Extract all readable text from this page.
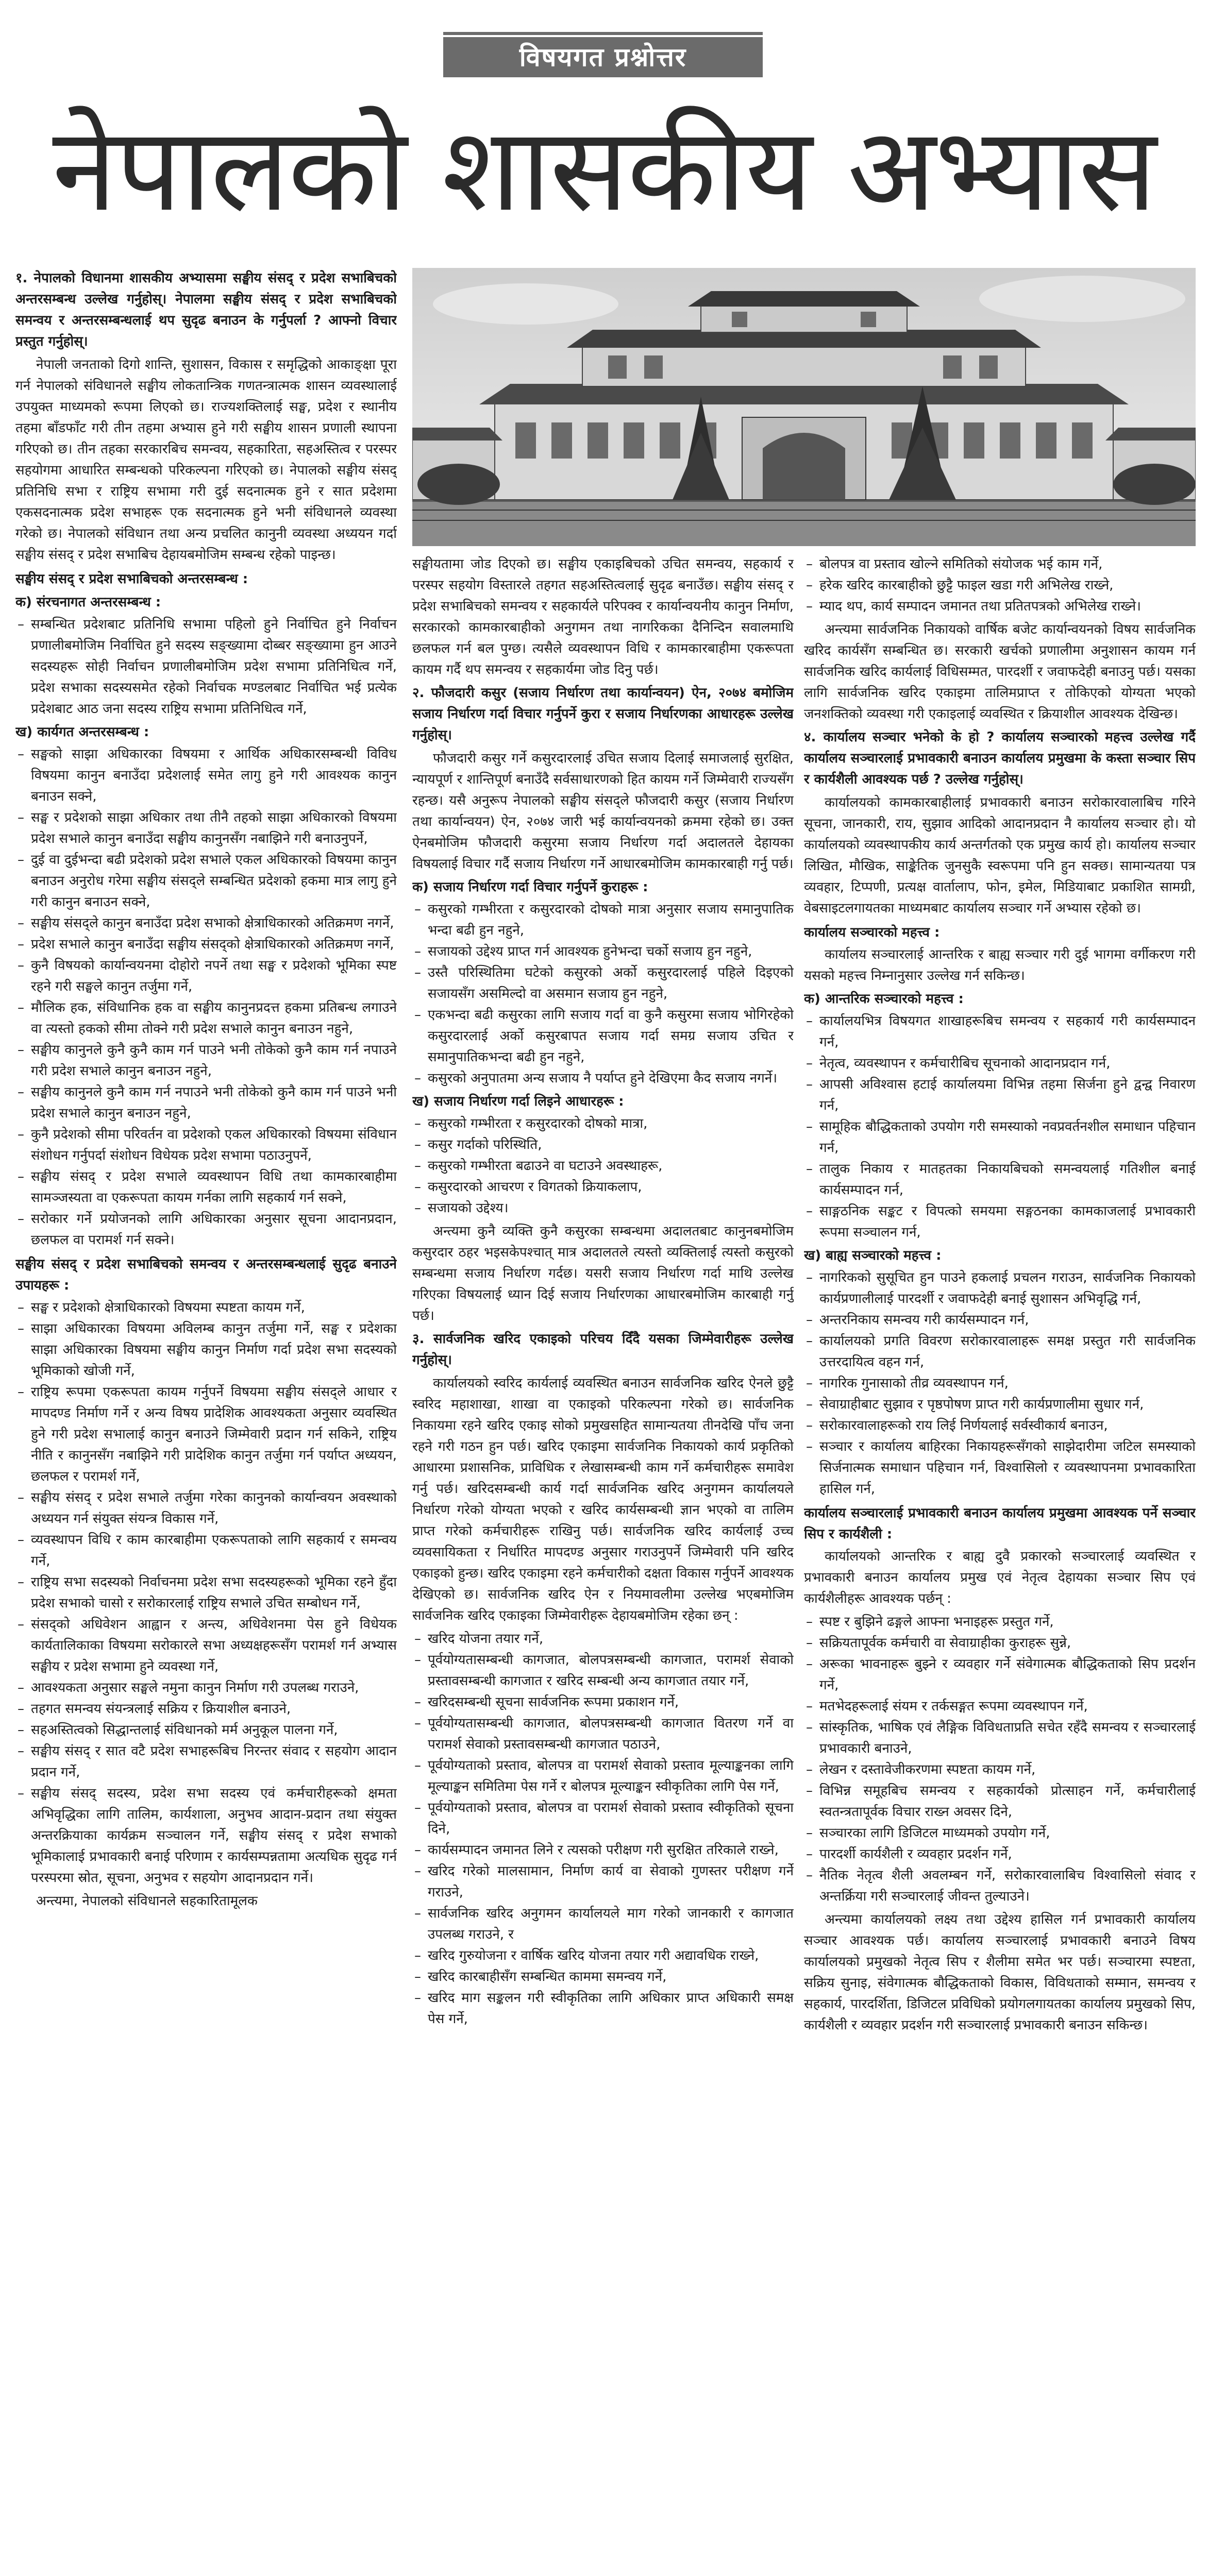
विषयगत प्रश्नोत्तर
नेपालको शासकीय अभ्यास

१. नेपालको विधानमा शासकीय अभ्यासमा सङ्घीय संसद् र प्रदेश सभाबिचको अन्तरसम्बन्ध उल्लेख गर्नुहोस्। नेपालमा सङ्घीय संसद् र प्रदेश सभाबिचको समन्वय र अन्तरसम्बन्धलाई थप सुदृढ बनाउन के गर्नुपर्ला ? आफ्नो विचार प्रस्तुत गर्नुहोस्।

नेपाली जनताको दिगो शान्ति, सुशासन, विकास र समृद्धिको आकाङ्क्षा पूरा गर्न नेपालको संविधानले सङ्घीय लोकतान्त्रिक गणतन्त्रात्मक शासन व्यवस्थालाई उपयुक्त माध्यमको रूपमा लिएको छ। राज्यशक्तिलाई सङ्घ, प्रदेश र स्थानीय तहमा बाँडफाँट गरी तीन तहमा अभ्यास हुने गरी सङ्घीय शासन प्रणाली स्थापना गरिएको छ। तीन तहका सरकारबिच समन्वय, सहकारिता, सहअस्तित्व र परस्पर सहयोगमा आधारित सम्बन्धको परिकल्पना गरिएको छ। नेपालको सङ्घीय संसद् प्रतिनिधि सभा र राष्ट्रिय सभामा गरी दुई सदनात्मक हुने र सात प्रदेशमा एकसदनात्मक प्रदेश सभाहरू एक सदनात्मक हुने भनी संविधानले व्यवस्था गरेको छ। नेपालको संविधान तथा अन्य प्रचलित कानुनी व्यवस्था अध्ययन गर्दा सङ्घीय संसद् र प्रदेश सभाबिच देहायबमोजिम सम्बन्ध रहेको पाइन्छ।

सङ्घीय संसद् र प्रदेश सभाबिचको अन्तरसम्बन्ध :

क) संरचनागत अन्तरसम्बन्ध :

– सम्बन्धित प्रदेशबाट प्रतिनिधि सभामा पहिलो हुने निर्वाचित हुने निर्वाचन प्रणालीबमोजिम निर्वाचित हुने सदस्य सङ्ख्यामा दोब्बर सङ्ख्यामा हुन आउने सदस्यहरू सोही निर्वाचन प्रणालीबमोजिम प्रदेश सभामा प्रतिनिधित्व गर्ने, प्रदेश सभाका सदस्यसमेत रहेको निर्वाचक मण्डलबाट निर्वाचित भई प्रत्येक प्रदेशबाट आठ जना सदस्य राष्ट्रिय सभामा प्रतिनिधित्व गर्ने,

ख) कार्यगत अन्तरसम्बन्ध :

– सङ्घको साझा अधिकारका विषयमा र आर्थिक अधिकारसम्बन्धी विविध विषयमा कानुन बनाउँदा प्रदेशलाई समेत लागु हुने गरी आवश्यक कानुन बनाउन सक्ने,
– सङ्घ र प्रदेशको साझा अधिकार तथा तीनै तहको साझा अधिकारको विषयमा प्रदेश सभाले कानुन बनाउँदा सङ्घीय कानुनसँग नबाझिने गरी बनाउनुपर्ने,
– दुई वा दुईभन्दा बढी प्रदेशको प्रदेश सभाले एकल अधिकारको विषयमा कानुन बनाउन अनुरोध गरेमा सङ्घीय संसद्ले सम्बन्धित प्रदेशको हकमा मात्र लागु हुने गरी कानुन बनाउन सक्ने,
– सङ्घीय संसद्ले कानुन बनाउँदा प्रदेश सभाको क्षेत्राधिकारको अतिक्रमण नगर्ने,
– प्रदेश सभाले कानुन बनाउँदा सङ्घीय संसद्को क्षेत्राधिकारको अतिक्रमण नगर्ने,
– कुनै विषयको कार्यान्वयनमा दोहोरो नपर्ने तथा सङ्घ र प्रदेशको भूमिका स्पष्ट रहने गरी सङ्घले कानुन तर्जुमा गर्ने,
– मौलिक हक, संविधानिक हक वा सङ्घीय कानुनप्रदत्त हकमा प्रतिबन्ध लगाउने वा त्यस्तो हकको सीमा तोक्ने गरी प्रदेश सभाले कानुन बनाउन नहुने,
– सङ्घीय कानुनले कुनै कुनै काम गर्न पाउने भनी तोकेको कुनै काम गर्न नपाउने गरी प्रदेश सभाले कानुन बनाउन नहुने,
– सङ्घीय कानुनले कुनै काम गर्न नपाउने भनी तोकेको कुनै काम गर्न पाउने भनी प्रदेश सभाले कानुन बनाउन नहुने,
– कुनै प्रदेशको सीमा परिवर्तन वा प्रदेशको एकल अधिकारको विषयमा संविधान संशोधन गर्नुपर्दा संशोधन विधेयक प्रदेश सभामा पठाउनुपर्ने,
– सङ्घीय संसद् र प्रदेश सभाले व्यवस्थापन विधि तथा कामकारबाहीमा सामञ्जस्यता वा एकरूपता कायम गर्नका लागि सहकार्य गर्न सक्ने,
– सरोकार गर्ने प्रयोजनको लागि अधिकारका अनुसार सूचना आदानप्रदान, छलफल वा परामर्श गर्न सक्ने।

सङ्घीय संसद् र प्रदेश सभाबिचको समन्वय र अन्तरसम्बन्धलाई सुदृढ बनाउने उपायहरू :

– सङ्घ र प्रदेशको क्षेत्राधिकारको विषयमा स्पष्टता कायम गर्ने,
– साझा अधिकारका विषयमा अविलम्ब कानुन तर्जुमा गर्ने, सङ्घ र प्रदेशका साझा अधिकारका विषयमा सङ्घीय कानुन निर्माण गर्दा प्रदेश सभा सदस्यको भूमिकाको खोजी गर्ने,
– राष्ट्रिय रूपमा एकरूपता कायम गर्नुपर्ने विषयमा सङ्घीय संसद्ले आधार र मापदण्ड निर्माण गर्ने र अन्य विषय प्रादेशिक आवश्यकता अनुसार व्यवस्थित हुने गरी प्रदेश सभालाई कानुन बनाउने जिम्मेवारी प्रदान गर्न सकिने, राष्ट्रिय नीति र कानुनसँग नबाझिने गरी प्रादेशिक कानुन तर्जुमा गर्न पर्याप्त अध्ययन, छलफल र परामर्श गर्ने,
– सङ्घीय संसद् र प्रदेश सभाले तर्जुमा गरेका कानुनको कार्यान्वयन अवस्थाको अध्ययन गर्न संयुक्त संयन्त्र विकास गर्ने,
– व्यवस्थापन विधि र काम कारबाहीमा एकरूपताको लागि सहकार्य र समन्वय गर्ने,
– राष्ट्रिय सभा सदस्यको निर्वाचनमा प्रदेश सभा सदस्यहरूको भूमिका रहने हुँदा प्रदेश सभाको चासो र सरोकारलाई राष्ट्रिय सभाले उचित सम्बोधन गर्ने,
– संसद्को अधिवेशन आह्वान र अन्त्य, अधिवेशनमा पेस हुने विधेयक कार्यतालिकाका विषयमा सरोकारले सभा अध्यक्षहरूसँग परामर्श गर्न अभ्यास सङ्घीय र प्रदेश सभामा हुने व्यवस्था गर्ने,
– आवश्यकता अनुसार सङ्घले नमुना कानुन निर्माण गरी उपलब्ध गराउने,
– तहगत समन्वय संयन्त्रलाई सक्रिय र क्रियाशील बनाउने,
– सहअस्तित्वको सिद्धान्तलाई संविधानको मर्म अनुकूल पालना गर्ने,
– सङ्घीय संसद् र सात वटै प्रदेश सभाहरूबिच निरन्तर संवाद र सहयोग आदान प्रदान गर्ने,
– सङ्घीय संसद् सदस्य, प्रदेश सभा सदस्य एवं कर्मचारीहरूको क्षमता अभिवृद्धिका लागि तालिम, कार्यशाला, अनुभव आदान-प्रदान तथा संयुक्त अन्तरक्रियाका कार्यक्रम सञ्चालन गर्ने, सङ्घीय संसद् र प्रदेश सभाको भूमिकालाई प्रभावकारी बनाई परिणाम र कार्यसम्पन्नतामा अत्यधिक सुदृढ गर्न परस्परमा स्रोत, सूचना, अनुभव र सहयोग आदानप्रदान गर्ने।

अन्त्यमा, नेपालको संविधानले सहकारितामूलक

सङ्घीयतामा जोड दिएको छ। सङ्घीय एकाइबिचको उचित समन्वय, सहकार्य र परस्पर सहयोग विस्तारले तहगत सहअस्तित्वलाई सुदृढ बनाउँछ। सङ्घीय संसद् र प्रदेश सभाबिचको समन्वय र सहकार्यले परिपक्व र कार्यान्वयनीय कानुन निर्माण, सरकारको कामकारबाहीको अनुगमन तथा नागरिकका दैनिन्दिन सवालमाथि छलफल गर्न बल पुग्छ। त्यसैले व्यवस्थापन विधि र कामकारबाहीमा एकरूपता कायम गर्दै थप समन्वय र सहकार्यमा जोड दिनु पर्छ।

२. फौजदारी कसुर (सजाय निर्धारण तथा कार्यान्वयन) ऐन, २०७४ बमोजिम सजाय निर्धारण गर्दा विचार गर्नुपर्ने कुरा र सजाय निर्धारणका आधारहरू उल्लेख गर्नुहोस्।

फौजदारी कसुर गर्ने कसुरदारलाई उचित सजाय दिलाई समाजलाई सुरक्षित, न्यायपूर्ण र शान्तिपूर्ण बनाउँदै सर्वसाधारणको हित कायम गर्ने जिम्मेवारी राज्यसँग रहन्छ। यसै अनुरूप नेपालको सङ्घीय संसद्ले फौजदारी कसुर (सजाय निर्धारण तथा कार्यान्वयन) ऐन, २०७४ जारी भई कार्यान्वयनको क्रममा रहेको छ। उक्त ऐनबमोजिम फौजदारी कसुरमा सजाय निर्धारण गर्दा अदालतले देहायका विषयलाई विचार गर्दै सजाय निर्धारण गर्ने आधारबमोजिम कामकारबाही गर्नु पर्छ।

क) सजाय निर्धारण गर्दा विचार गर्नुपर्ने कुराहरू :

– कसुरको गम्भीरता र कसुरदारको दोषको मात्रा अनुसार सजाय समानुपातिक भन्दा बढी हुन नहुने,
– सजायको उद्देश्य प्राप्त गर्न आवश्यक हुनेभन्दा चर्को सजाय हुन नहुने,
– उस्तै परिस्थितिमा घटेको कसुरको अर्को कसुरदारलाई पहिले दिइएको सजायसँग असमिल्दो वा असमान सजाय हुन नहुने,
– एकभन्दा बढी कसुरका लागि सजाय गर्दा वा कुनै कसुरमा सजाय भोगिरहेको कसुरदारलाई अर्को कसुरबापत सजाय गर्दा समग्र सजाय उचित र समानुपातिकभन्दा बढी हुन नहुने,
– कसुरको अनुपातमा अन्य सजाय नै पर्याप्त हुने देखिएमा कैद सजाय नगर्ने।

ख) सजाय निर्धारण गर्दा लिइने आधारहरू :

– कसुरको गम्भीरता र कसुरदारको दोषको मात्रा,
– कसुर गर्दाको परिस्थिति,
– कसुरको गम्भीरता बढाउने वा घटाउने अवस्थाहरू,
– कसुरदारको आचरण र विगतको क्रियाकलाप,
– सजायको उद्देश्य।

अन्त्यमा कुनै व्यक्ति कुनै कसुरका सम्बन्धमा अदालतबाट कानुनबमोजिम कसुरदार ठहर भइसकेपश्चात् मात्र अदालतले त्यस्तो व्यक्तिलाई त्यस्तो कसुरको सम्बन्धमा सजाय निर्धारण गर्दछ। यसरी सजाय निर्धारण गर्दा माथि उल्लेख गरिएका विषयलाई ध्यान दिई सजाय निर्धारणका आधारबमोजिम कारबाही गर्नु पर्छ।

३. सार्वजनिक खरिद एकाइको परिचय दिँदै यसका जिम्मेवारीहरू उल्लेख गर्नुहोस्।

कार्यालयको स्वरिद कार्यलाई व्यवस्थित बनाउन सार्वजनिक खरिद ऐनले छुट्टै स्वरिद महाशाखा, शाखा वा एकाइको परिकल्पना गरेको छ। सार्वजनिक निकायमा रहने खरिद एकाइ सोको प्रमुखसहित सामान्यतया तीनदेखि पाँच जना रहने गरी गठन हुन पर्छ। खरिद एकाइमा सार्वजनिक निकायको कार्य प्रकृतिको आधारमा प्रशासनिक, प्राविधिक र लेखासम्बन्धी काम गर्ने कर्मचारीहरू समावेश गर्नु पर्छ। खरिदसम्बन्धी कार्य गर्दा सार्वजनिक खरिद अनुगमन कार्यालयले निर्धारण गरेको योग्यता भएको र खरिद कार्यसम्बन्धी ज्ञान भएको वा तालिम प्राप्त गरेको कर्मचारीहरू राखिनु पर्छ। सार्वजनिक खरिद कार्यलाई उच्च व्यवसायिकता र निर्धारित मापदण्ड अनुसार गराउनुपर्ने जिम्मेवारी पनि खरिद एकाइको हुन्छ। खरिद एकाइमा रहने कर्मचारीको दक्षता विकास गर्नुपर्ने आवश्यक देखिएको छ। सार्वजनिक खरिद ऐन र नियमावलीमा उल्लेख भएबमोजिम सार्वजनिक खरिद एकाइका जिम्मेवारीहरू देहायबमोजिम रहेका छन् :

– खरिद योजना तयार गर्ने,
– पूर्वयोग्यतासम्बन्धी कागजात, बोलपत्रसम्बन्धी कागजात, परामर्श सेवाको प्रस्तावसम्बन्धी कागजात र खरिद सम्बन्धी अन्य कागजात तयार गर्ने,
– खरिदसम्बन्धी सूचना सार्वजनिक रूपमा प्रकाशन गर्ने,
– पूर्वयोग्यतासम्बन्धी कागजात, बोलपत्रसम्बन्धी कागजात वितरण गर्ने वा परामर्श सेवाको प्रस्तावसम्बन्धी कागजात पठाउने,
– पूर्वयोग्यताको प्रस्ताव, बोलपत्र वा परामर्श सेवाको प्रस्ताव मूल्याङ्कनका लागि मूल्याङ्कन समितिमा पेस गर्ने र बोलपत्र मूल्याङ्कन स्वीकृतिका लागि पेस गर्ने,
– पूर्वयोग्यताको प्रस्ताव, बोलपत्र वा परामर्श सेवाको प्रस्ताव स्वीकृतिको सूचना दिने,
– कार्यसम्पादन जमानत लिने र त्यसको परीक्षण गरी सुरक्षित तरिकाले राख्ने,
– खरिद गरेको मालसामान, निर्माण कार्य वा सेवाको गुणस्तर परीक्षण गर्ने गराउने,
– सार्वजनिक खरिद अनुगमन कार्यालयले माग गरेको जानकारी र कागजात उपलब्ध गराउने, र
– खरिद गुरुयोजना र वार्षिक खरिद योजना तयार गरी अद्यावधिक राख्ने,
– खरिद कारबाहीसँग सम्बन्धित काममा समन्वय गर्ने,
– खरिद माग सङ्कलन गरी स्वीकृतिका लागि अधिकार प्राप्त अधिकारी समक्ष पेस गर्ने,
– बोलपत्र वा प्रस्ताव खोल्ने समितिको संयोजक भई काम गर्ने,
– हरेक खरिद कारबाहीको छुट्टै फाइल खडा गरी अभिलेख राख्ने,
– म्याद थप, कार्य सम्पादन जमानत तथा प्रतितपत्रको अभिलेख राख्ने।

अन्त्यमा सार्वजनिक निकायको वार्षिक बजेट कार्यान्वयनको विषय सार्वजनिक खरिद कार्यसँग सम्बन्धित छ। सरकारी खर्चको प्रणालीमा अनुशासन कायम गर्न सार्वजनिक खरिद कार्यलाई विधिसम्मत, पारदर्शी र जवाफदेही बनाउनु पर्छ। यसका लागि सार्वजनिक खरिद एकाइमा तालिमप्राप्त र तोकिएको योग्यता भएको जनशक्तिको व्यवस्था गरी एकाइलाई व्यवस्थित र क्रियाशील आवश्यक देखिन्छ।

४. कार्यालय सञ्चार भनेको के हो ? कार्यालय सञ्चारको महत्त्व उल्लेख गर्दै कार्यालय सञ्चारलाई प्रभावकारी बनाउन कार्यालय प्रमुखमा के कस्ता सञ्चार सिप र कार्यशैली आवश्यक पर्छ ? उल्लेख गर्नुहोस्।

कार्यालयको कामकारबाहीलाई प्रभावकारी बनाउन सरोकारवालाबिच गरिने सूचना, जानकारी, राय, सुझाव आदिको आदानप्रदान नै कार्यालय सञ्चार हो। यो कार्यालयको व्यवस्थापकीय कार्य अन्तर्गतको एक प्रमुख कार्य हो। कार्यालय सञ्चार लिखित, मौखिक, साङ्केतिक जुनसुकै स्वरूपमा पनि हुन सक्छ। सामान्यतया पत्र व्यवहार, टिप्पणी, प्रत्यक्ष वार्तालाप, फोन, इमेल, मिडियाबाट प्रकाशित सामग्री, वेबसाइटलगायतका माध्यमबाट कार्यालय सञ्चार गर्ने अभ्यास रहेको छ।

कार्यालय सञ्चारको महत्त्व :

कार्यालय सञ्चारलाई आन्तरिक र बाह्य सञ्चार गरी दुई भागमा वर्गीकरण गरी यसको महत्त्व निम्नानुसार उल्लेख गर्न सकिन्छ।

क) आन्तरिक सञ्चारको महत्त्व :

– कार्यालयभित्र विषयगत शाखाहरूबिच समन्वय र सहकार्य गरी कार्यसम्पादन गर्न,
– नेतृत्व, व्यवस्थापन र कर्मचारीबिच सूचनाको आदानप्रदान गर्न,
– आपसी अविश्वास हटाई कार्यालयमा विभिन्न तहमा सिर्जना हुने द्वन्द्व निवारण गर्न,
– सामूहिक बौद्धिकताको उपयोग गरी समस्याको नवप्रवर्तनशील समाधान पहिचान गर्न,
– तालुक निकाय र मातहतका निकायबिचको समन्वयलाई गतिशील बनाई कार्यसम्पादन गर्न,
– साङ्गठनिक सङ्कट र विपत्को समयमा सङ्गठनका कामकाजलाई प्रभावकारी रूपमा सञ्चालन गर्न,

ख) बाह्य सञ्चारको महत्त्व :

– नागरिकको सुसूचित हुन पाउने हकलाई प्रचलन गराउन, सार्वजनिक निकायको कार्यप्रणालीलाई पारदर्शी र जवाफदेही बनाई सुशासन अभिवृद्धि गर्न,
– अन्तरनिकाय समन्वय गरी कार्यसम्पादन गर्न,
– कार्यालयको प्रगति विवरण सरोकारवालाहरू समक्ष प्रस्तुत गरी सार्वजनिक उत्तरदायित्व वहन गर्न,
– नागरिक गुनासाको तीव्र व्यवस्थापन गर्न,
– सेवाग्राहीबाट सुझाव र पृष्ठपोषण प्राप्त गरी कार्यप्रणालीमा सुधार गर्न,
– सरोकारवालाहरूको राय लिई निर्णयलाई सर्वस्वीकार्य बनाउन,
– सञ्चार र कार्यालय बाहिरका निकायहरूसँगको साझेदारीमा जटिल समस्याको सिर्जनात्मक समाधान पहिचान गर्न, विश्वासिलो र व्यवस्थापनमा प्रभावकारिता हासिल गर्न,

कार्यालय सञ्चारलाई प्रभावकारी बनाउन कार्यालय प्रमुखमा आवश्यक पर्ने सञ्चार सिप र कार्यशैली :

कार्यालयको आन्तरिक र बाह्य दुवै प्रकारको सञ्चारलाई व्यवस्थित र प्रभावकारी बनाउन कार्यालय प्रमुख एवं नेतृत्व देहायका सञ्चार सिप एवं कार्यशैलीहरू आवश्यक पर्छन् :

– स्पष्ट र बुझिने ढङ्गले आफ्ना भनाइहरू प्रस्तुत गर्ने,
– सक्रियतापूर्वक कर्मचारी वा सेवाग्राहीका कुराहरू सुन्ने,
– अरूका भावनाहरू बुझ्ने र व्यवहार गर्ने संवेगात्मक बौद्धिकताको सिप प्रदर्शन गर्ने,
– मतभेदहरूलाई संयम र तर्कसङ्गत रूपमा व्यवस्थापन गर्ने,
– सांस्कृतिक, भाषिक एवं लैङ्गिक विविधताप्रति सचेत रहँदै समन्वय र सञ्चारलाई प्रभावकारी बनाउने,
– लेखन र दस्तावेजीकरणमा स्पष्टता कायम गर्ने,
– विभिन्न समूहबिच समन्वय र सहकार्यको प्रोत्साहन गर्ने, कर्मचारीलाई स्वतन्त्रतापूर्वक विचार राख्न अवसर दिने,
– सञ्चारका लागि डिजिटल माध्यमको उपयोग गर्ने,
– पारदर्शी कार्यशैली र व्यवहार प्रदर्शन गर्ने,
– नैतिक नेतृत्व शैली अवलम्बन गर्ने, सरोकारवालाबिच विश्वासिलो संवाद र अन्तर्क्रिया गरी सञ्चारलाई जीवन्त तुल्याउने।

अन्त्यमा कार्यालयको लक्ष्य तथा उद्देश्य हासिल गर्न प्रभावकारी कार्यालय सञ्चार आवश्यक पर्छ। कार्यालय सञ्चारलाई प्रभावकारी बनाउने विषय कार्यालयको प्रमुखको नेतृत्व सिप र शैलीमा समेत भर पर्छ। सञ्चारमा स्पष्टता, सक्रिय सुनाइ, संवेगात्मक बौद्धिकताको विकास, विविधताको सम्मान, समन्वय र सहकार्य, पारदर्शिता, डिजिटल प्रविधिको प्रयोगलगायतका कार्यालय प्रमुखको सिप, कार्यशैली र व्यवहार प्रदर्शन गरी सञ्चारलाई प्रभावकारी बनाउन सकिन्छ।
